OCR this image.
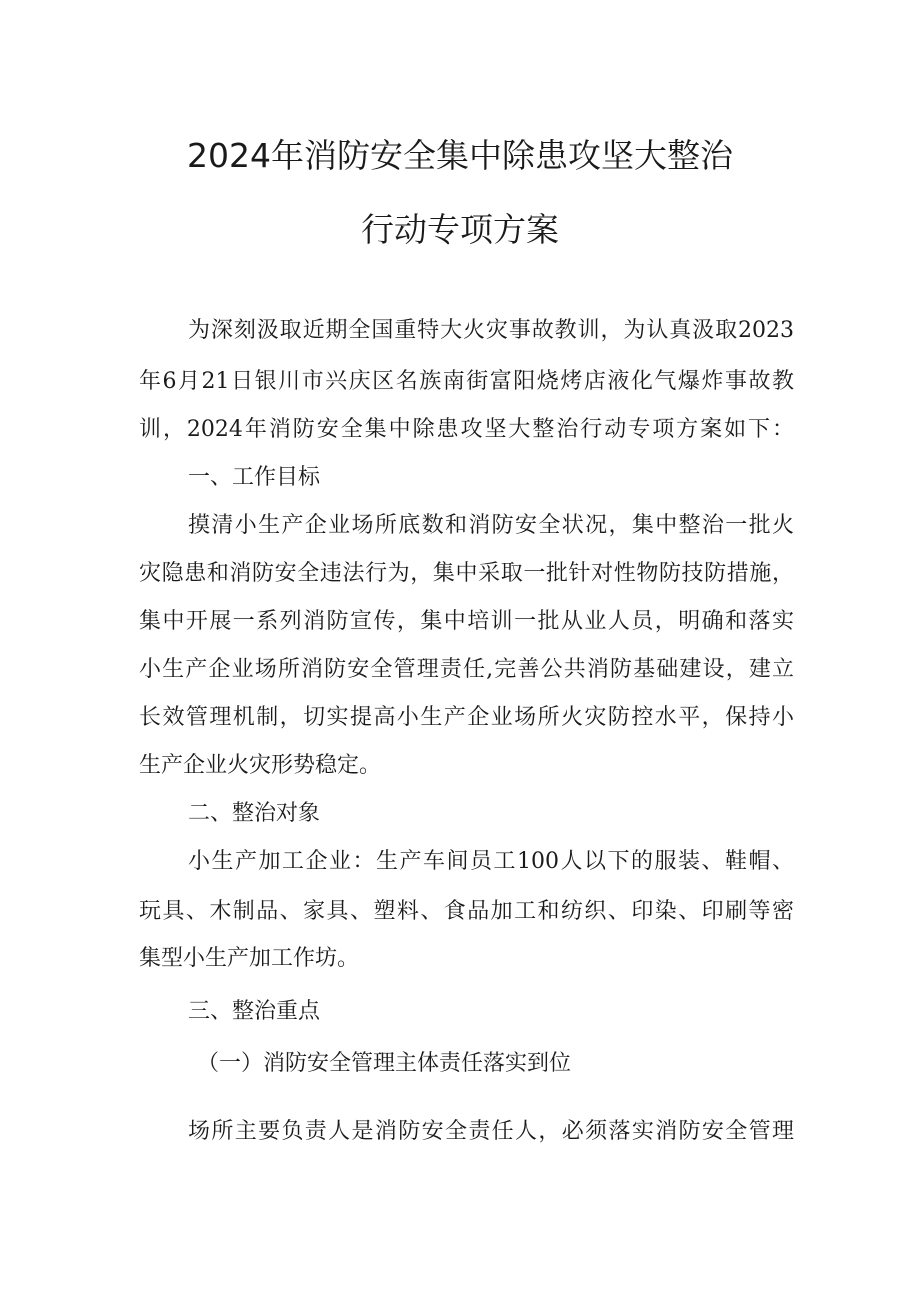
2024年消防安全集中除患攻坚大整治
行动专项方案
为深刻汲取近期全国重特大火灾事故教训，为认真汲取2023
年6月21日银川市兴庆区名族南街富阳烧烤店液化气爆炸事故教
训，2024年消防安全集中除患攻坚大整治行动专项方案如下：
一、工作目标
摸清小生产企业场所底数和消防安全状况，集中整治一批火
灾隐患和消防安全违法行为，集中采取一批针对性物防技防措施，
集中开展一系列消防宣传，集中培训一批从业人员，明确和落实
小生产企业场所消防安全管理责任,完善公共消防基础建设，建立
长效管理机制，切实提高小生产企业场所火灾防控水平，保持小
生产企业火灾形势稳定。
二、整治对象
小生产加工企业：生产车间员工100人以下的服装、鞋帽、
玩具、木制品、家具、塑料、食品加工和纺织、印染、印刷等密
集型小生产加工作坊。
三、整治重点
（一）消防安全管理主体责任落实到位
场所主要负责人是消防安全责任人，必须落实消防安全管理
